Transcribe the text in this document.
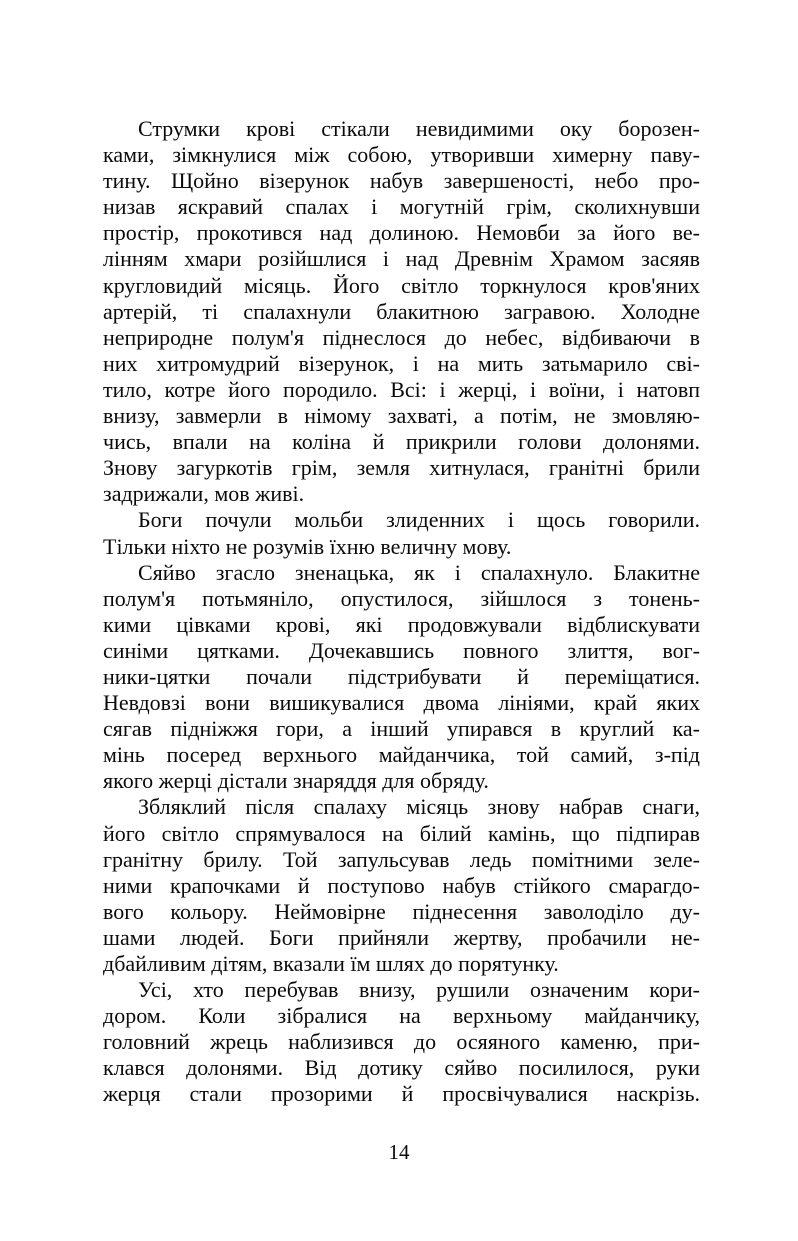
Струмки крові стікали невидимими оку борозен-
ками, зімкнулися між собою, утворивши химерну паву-
тину. Щойно візерунок набув завершеності, небо про-
низав яскравий спалах і могутній грім, сколихнувши
простір, прокотився над долиною. Немовби за його ве-
лінням хмари розійшлися і над Древнім Храмом засяяв
кругловидий місяць. Його світло торкнулося кров'яних
артерій, ті спалахнули блакитною загравою. Холодне
неприродне полум'я піднеслося до небес, відбиваючи в
них хитромудрий візерунок, і на мить затьмарило сві-
тило, котре його породило. Всі: і жерці, і воїни, і натовп
внизу, завмерли в німому захваті, а потім, не змовляю-
чись, впали на коліна й прикрили голови долонями.
Знову загуркотів грім, земля хитнулася, гранітні брили
задрижали, мов живі.
Боги почули мольби злиденних і щось говорили.
Тільки ніхто не розумів їхню величну мову.
Сяйво згасло зненацька, як і спалахнуло. Блакитне
полум'я потьмяніло, опустилося, зійшлося з тонень-
кими цівками крові, які продовжували відблискувати
синіми цятками. Дочекавшись повного злиття, вог-
ники-цятки почали підстрибувати й переміщатися.
Невдовзі вони вишикувалися двома лініями, край яких
сягав підніжжя гори, а інший упирався в круглий ка-
мінь посеред верхнього майданчика, той самий, з-під
якого жерці дістали знаряддя для обряду.
Збляклий після спалаху місяць знову набрав снаги,
його світло спрямувалося на білий камінь, що підпирав
гранітну брилу. Той запульсував ледь помітними зеле-
ними крапочками й поступово набув стійкого смарагдо-
вого кольору. Неймовірне піднесення заволоділо ду-
шами людей. Боги прийняли жертву, пробачили не-
дбайливим дітям, вказали їм шлях до порятунку.
Усі, хто перебував внизу, рушили означеним кори-
дором. Коли зібралися на верхньому майданчику,
головний жрець наблизився до осяяного каменю, при-
клався долонями. Від дотику сяйво посилилося, руки
жерця стали прозорими й просвічувалися наскрізь.
14
